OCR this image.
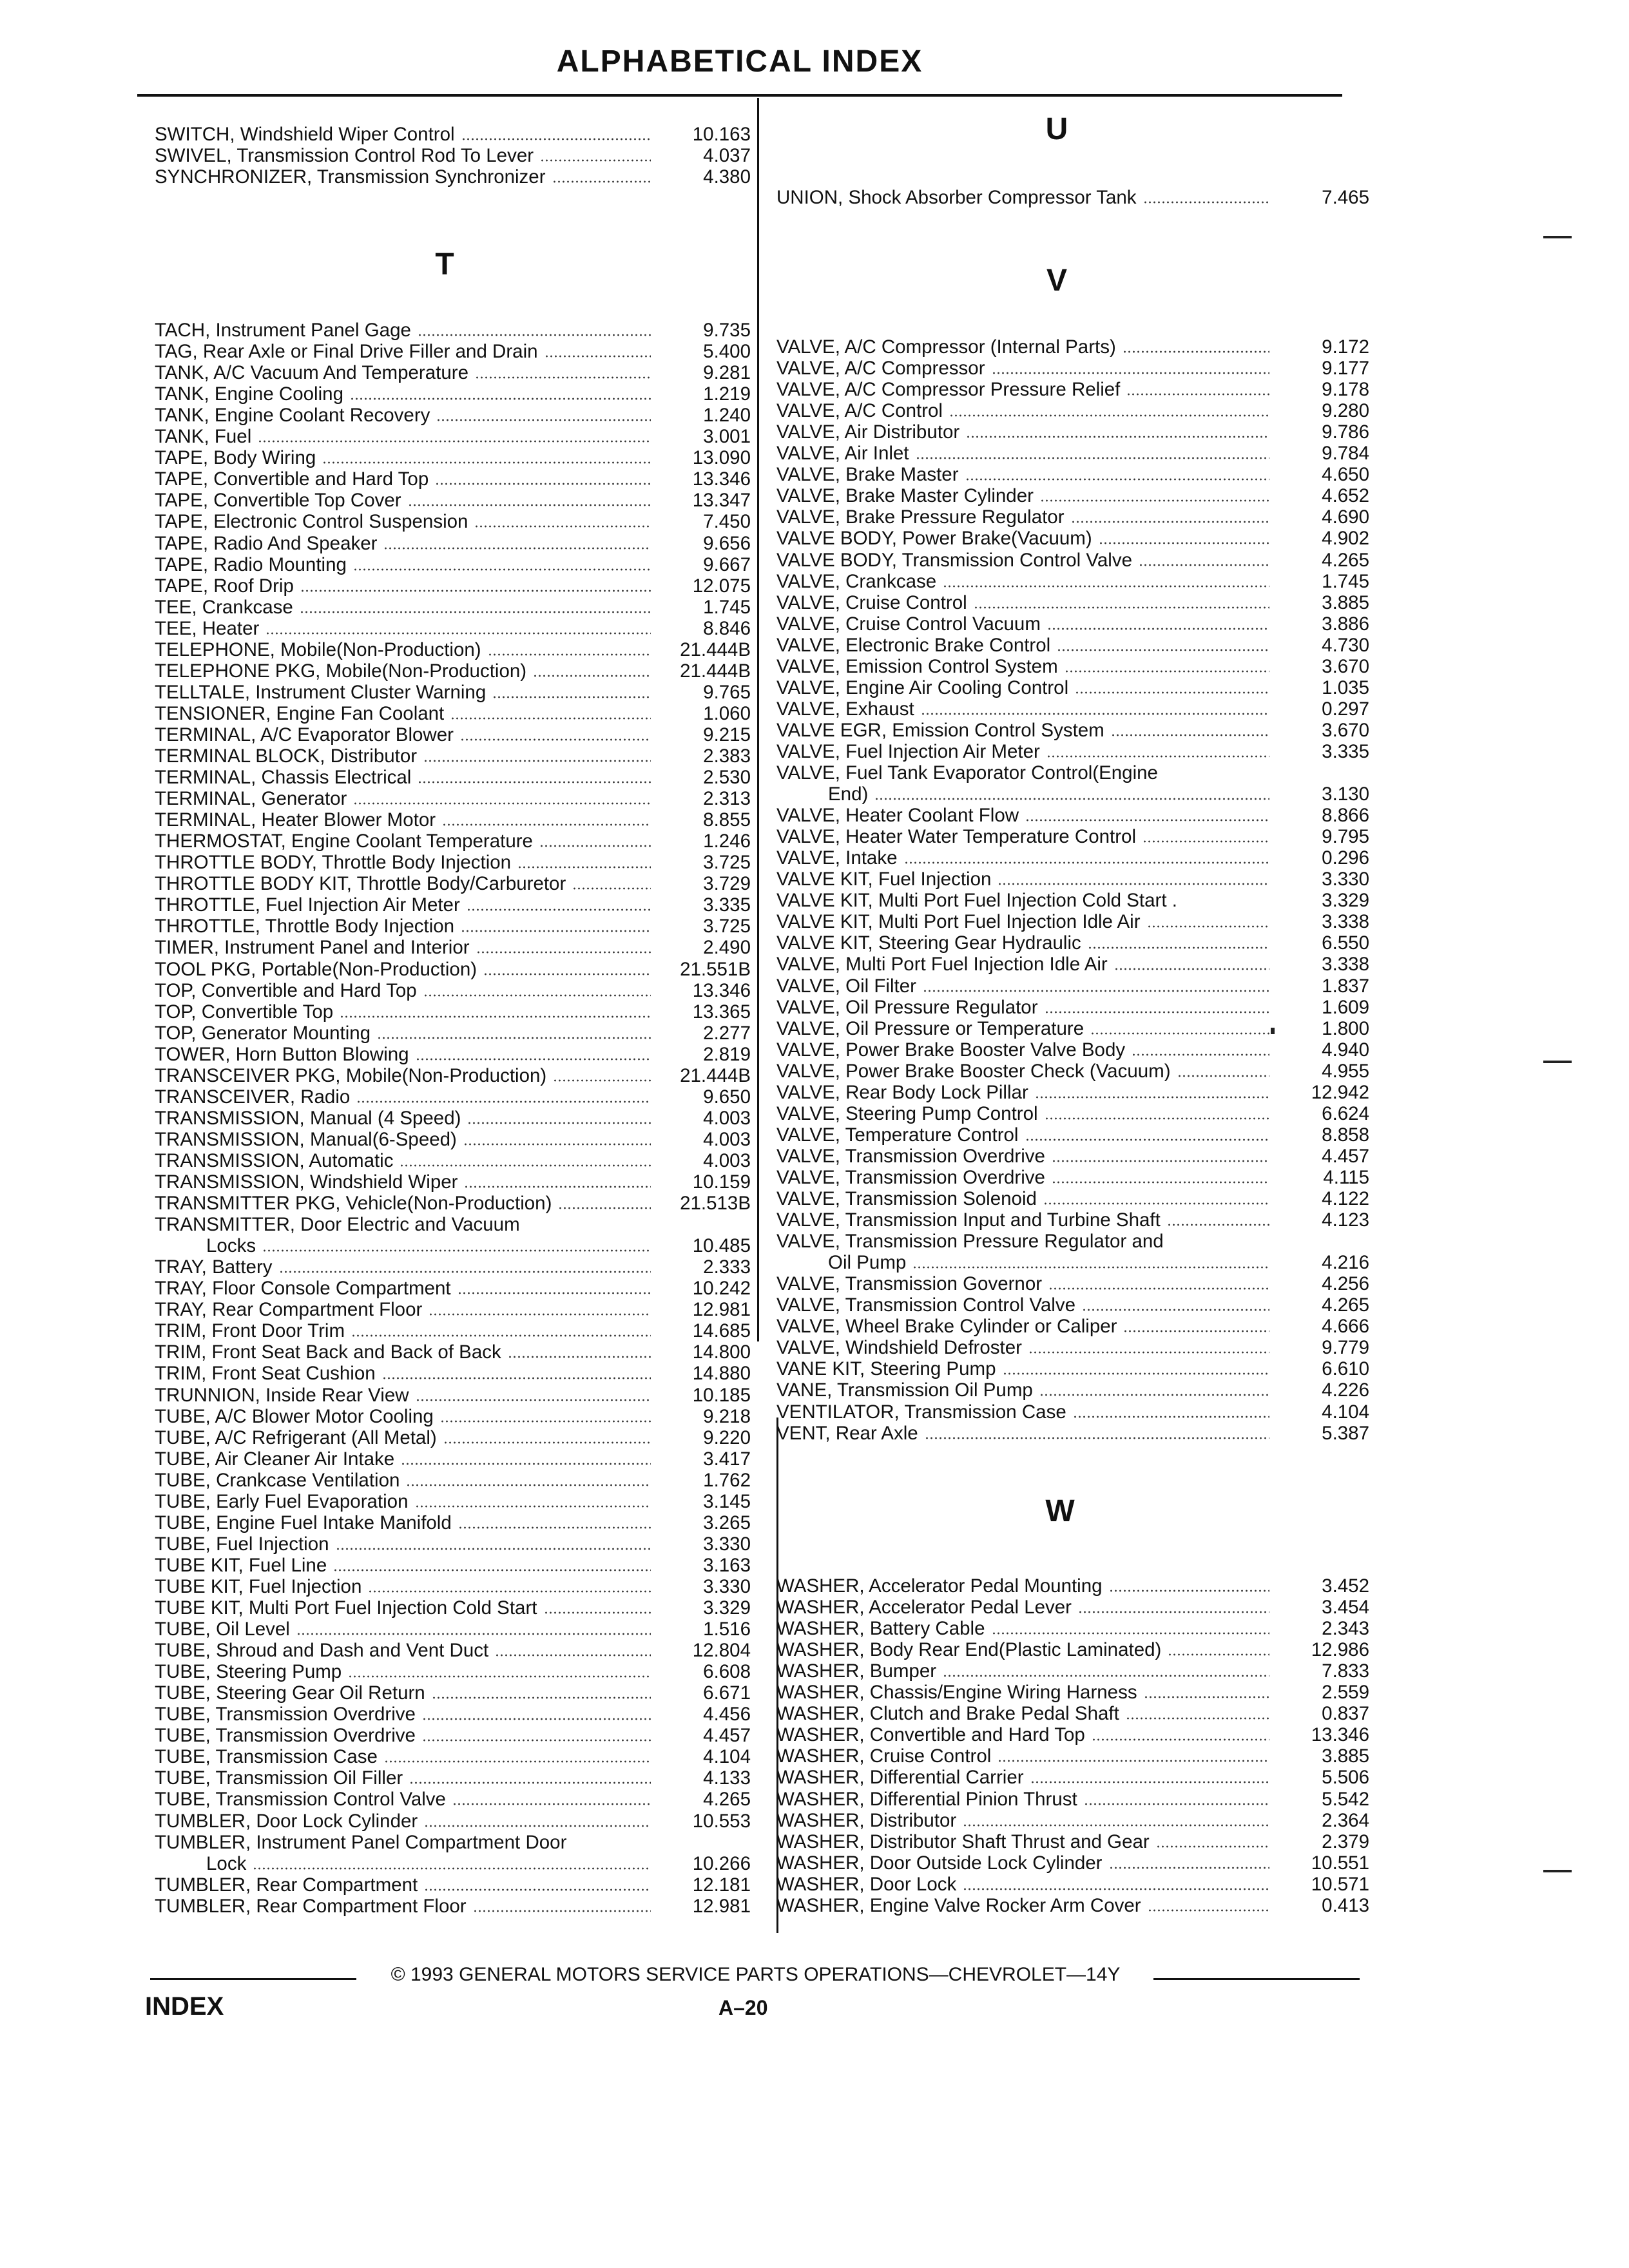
ALPHABETICAL INDEX
SWITCH, Windshield Wiper Control	10.163
SWIVEL, Transmission Control Rod To Lever	4.037
SYNCHRONIZER, Transmission Synchronizer	4.380
T
TACH, Instrument Panel Gage	9.735
TAG, Rear Axle or Final Drive Filler and Drain	5.400
TANK, A/C Vacuum And Temperature	9.281
TANK, Engine Cooling	1.219
TANK, Engine Coolant Recovery	1.240
TANK, Fuel	3.001
TAPE, Body Wiring	13.090
TAPE, Convertible and Hard Top	13.346
TAPE, Convertible Top Cover	13.347
TAPE, Electronic Control Suspension	7.450
TAPE, Radio And Speaker	9.656
TAPE, Radio Mounting	9.667
TAPE, Roof Drip	12.075
TEE, Crankcase	1.745
TEE, Heater	8.846
TELEPHONE, Mobile(Non-Production)	21.444B
TELEPHONE PKG, Mobile(Non-Production)	21.444B
TELLTALE, Instrument Cluster Warning	9.765
TENSIONER, Engine Fan Coolant	1.060
TERMINAL, A/C Evaporator Blower	9.215
TERMINAL BLOCK, Distributor	2.383
TERMINAL, Chassis Electrical	2.530
TERMINAL, Generator	2.313
TERMINAL, Heater Blower Motor	8.855
THERMOSTAT, Engine Coolant Temperature	1.246
THROTTLE BODY, Throttle Body Injection	3.725
THROTTLE BODY KIT, Throttle Body/Carburetor	3.729
THROTTLE, Fuel Injection Air Meter	3.335
THROTTLE, Throttle Body Injection	3.725
TIMER, Instrument Panel and Interior	2.490
TOOL PKG, Portable(Non-Production)	21.551B
TOP, Convertible and Hard Top	13.346
TOP, Convertible Top	13.365
TOP, Generator Mounting	2.277
TOWER, Horn Button Blowing	2.819
TRANSCEIVER PKG, Mobile(Non-Production)	21.444B
TRANSCEIVER, Radio	9.650
TRANSMISSION, Manual (4 Speed)	4.003
TRANSMISSION, Manual(6-Speed)	4.003
TRANSMISSION, Automatic	4.003
TRANSMISSION, Windshield Wiper	10.159
TRANSMITTER PKG, Vehicle(Non-Production)	21.513B
TRANSMITTER, Door Electric and Vacuum
Locks	10.485
TRAY, Battery	2.333
TRAY, Floor Console Compartment	10.242
TRAY, Rear Compartment Floor	12.981
TRIM, Front Door Trim	14.685
TRIM, Front Seat Back and Back of Back	14.800
TRIM, Front Seat Cushion	14.880
TRUNNION, Inside Rear View	10.185
TUBE, A/C Blower Motor Cooling	9.218
TUBE, A/C Refrigerant (All Metal)	9.220
TUBE, Air Cleaner Air Intake	3.417
TUBE, Crankcase Ventilation	1.762
TUBE, Early Fuel Evaporation	3.145
TUBE, Engine Fuel Intake Manifold	3.265
TUBE, Fuel Injection	3.330
TUBE KIT, Fuel Line	3.163
TUBE KIT, Fuel Injection	3.330
TUBE KIT, Multi Port Fuel Injection Cold Start	3.329
TUBE, Oil Level	1.516
TUBE, Shroud and Dash and Vent Duct	12.804
TUBE, Steering Pump	6.608
TUBE, Steering Gear Oil Return	6.671
TUBE, Transmission Overdrive	4.456
TUBE, Transmission Overdrive	4.457
TUBE, Transmission Case	4.104
TUBE, Transmission Oil Filler	4.133
TUBE, Transmission Control Valve	4.265
TUMBLER, Door Lock Cylinder	10.553
TUMBLER, Instrument Panel Compartment Door
Lock	10.266
TUMBLER, Rear Compartment	12.181
TUMBLER, Rear Compartment Floor	12.981
U
UNION, Shock Absorber Compressor Tank	7.465
V
VALVE, A/C Compressor (Internal Parts)	9.172
VALVE, A/C Compressor	9.177
VALVE, A/C Compressor Pressure Relief	9.178
VALVE, A/C Control	9.280
VALVE, Air Distributor	9.786
VALVE, Air Inlet	9.784
VALVE, Brake Master	4.650
VALVE, Brake Master Cylinder	4.652
VALVE, Brake Pressure Regulator	4.690
VALVE BODY, Power Brake(Vacuum)	4.902
VALVE BODY, Transmission Control Valve	4.265
VALVE, Crankcase	1.745
VALVE, Cruise Control	3.885
VALVE, Cruise Control Vacuum	3.886
VALVE, Electronic Brake Control	4.730
VALVE, Emission Control System	3.670
VALVE, Engine Air Cooling Control	1.035
VALVE, Exhaust	0.297
VALVE EGR, Emission Control System	3.670
VALVE, Fuel Injection Air Meter	3.335
VALVE, Fuel Tank Evaporator Control(Engine
End)	3.130
VALVE, Heater Coolant Flow	8.866
VALVE, Heater Water Temperature Control	9.795
VALVE, Intake	0.296
VALVE KIT, Fuel Injection	3.330
VALVE KIT, Multi Port Fuel Injection Cold Start .	3.329
VALVE KIT, Multi Port Fuel Injection Idle Air	3.338
VALVE KIT, Steering Gear Hydraulic	6.550
VALVE, Multi Port Fuel Injection Idle Air	3.338
VALVE, Oil Filter	1.837
VALVE, Oil Pressure Regulator	1.609
VALVE, Oil Pressure or Temperature	1.800
VALVE, Power Brake Booster Valve Body	4.940
VALVE, Power Brake Booster Check (Vacuum)	4.955
VALVE, Rear Body Lock Pillar	12.942
VALVE, Steering Pump Control	6.624
VALVE, Temperature Control	8.858
VALVE, Transmission Overdrive	4.457
VALVE, Transmission Overdrive	4.115
VALVE, Transmission Solenoid	4.122
VALVE, Transmission Input and Turbine Shaft	4.123
VALVE, Transmission Pressure Regulator and
Oil Pump	4.216
VALVE, Transmission Governor	4.256
VALVE, Transmission Control Valve	4.265
VALVE, Wheel Brake Cylinder or Caliper	4.666
VALVE, Windshield Defroster	9.779
VANE KIT, Steering Pump	6.610
VANE, Transmission Oil Pump	4.226
VENTILATOR, Transmission Case	4.104
VENT, Rear Axle	5.387
W
WASHER, Accelerator Pedal Mounting	3.452
WASHER, Accelerator Pedal Lever	3.454
WASHER, Battery Cable	2.343
WASHER, Body Rear End(Plastic Laminated)	12.986
WASHER, Bumper	7.833
WASHER, Chassis/Engine Wiring Harness	2.559
WASHER, Clutch and Brake Pedal Shaft	0.837
WASHER, Convertible and Hard Top	13.346
WASHER, Cruise Control	3.885
WASHER, Differential Carrier	5.506
WASHER, Differential Pinion Thrust	5.542
WASHER, Distributor	2.364
WASHER, Distributor Shaft Thrust and Gear	2.379
WASHER, Door Outside Lock Cylinder	10.551
WASHER, Door Lock	10.571
WASHER, Engine Valve Rocker Arm Cover	0.413
© 1993 GENERAL MOTORS SERVICE PARTS OPERATIONS—CHEVROLET—14Y
INDEX	A–20
